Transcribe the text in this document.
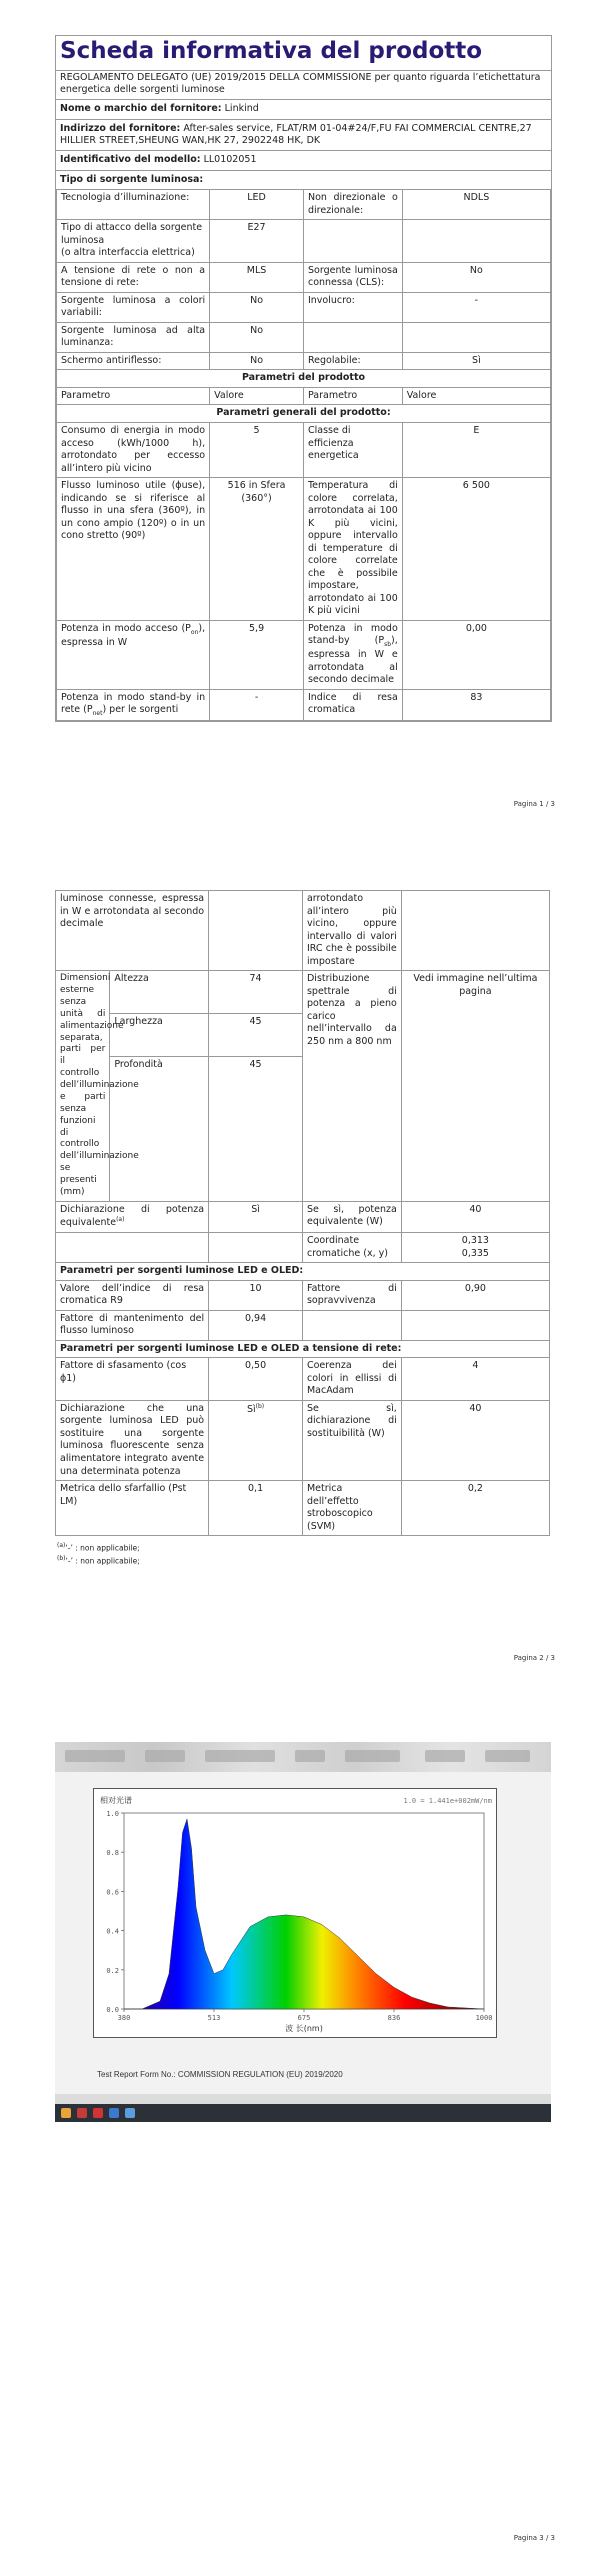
Scheda informativa del prodotto
REGOLAMENTO DELEGATO (UE) 2019/2015 DELLA COMMISSIONE per quanto riguarda l’etichettatura energetica delle sorgenti luminose
Nome o marchio del fornitore: Linkind
Indirizzo del fornitore: After-sales service, FLAT/RM 01-04#24/F,FU FAI COMMERCIAL CENTRE,27 HILLIER STREET,SHEUNG WAN,HK 27, 2902248 HK, DK
Identificativo del modello: LL0102051
Tipo di sorgente luminosa:
Tecnologia d’illuminazione:	LED	Non direzionale o direzionale:	NDLS
Tipo di attacco della sorgente luminosa
(o altra interfaccia elettrica)	E27		
A tensione di rete o non a tensione di rete:	MLS	Sorgente luminosa connessa (CLS):	No
Sorgente luminosa a colori variabili:	No	Involucro:	-
Sorgente luminosa ad alta luminanza:	No		
Schermo antiriflesso:	No	Regolabile:	Sì
Parametri del prodotto			
Parametro	Valore	Parametro	Valore
Parametri generali del prodotto:			
Consumo di energia in modo acceso (kWh/1000 h), arrotondato per eccesso all’intero più vicino	5	Classe di efficienza energetica	E
Flusso luminoso utile (ɸuse), indicando se si riferisce al flusso in una sfera (360º), in un cono ampio (120º) o in un cono stretto (90º)	516 in Sfera (360°)	Temperatura di colore correlata, arrotondata ai 100 K più vicini, oppure intervallo di temperature di colore correlate che è possibile impostare, arrotondato ai 100 K più vicini	6 500
Potenza in modo acceso $(P_{on})$, espressa in W	5,9	Potenza in modo stand-by $(P_{sb})$, espressa in W e arrotondata al secondo decimale	0,00
Potenza in modo stand-by in rete $(P_{net})$ per le sorgenti	-	Indice di resa cromatica	83
Pagina 1 / 3
luminose connesse, espressa in W e arrotondata al secondo decimale			arrotondato all’intero più vicino, oppure intervallo di valori IRC che è possibile impostare	
Dimensioni esterne senza unità di alimentazione separata, parti per il controllo dell’illuminazione e parti senza funzioni di controllo dell’illuminazione se presenti (mm)	Altezza	74	Distribuzione spettrale di potenza a pieno carico nell’intervallo da 250 nm a 800 nm	Vedi immagine nell’ultima pagina
	Larghezza	45		
	Profondità	45		
Dichiarazione di potenza equivalente$^{(a)}$		Sì	Se sì, potenza equivalente (W)	40
			Coordinate cromatiche (x, y)	0,313
0,335
Parametri per sorgenti luminose LED e OLED:				
Valore dell’indice di resa cromatica R9		10	Fattore di sopravvivenza	0,90
Fattore di mantenimento del flusso luminoso		0,94		
Parametri per sorgenti luminose LED e OLED a tensione di rete:				
Fattore di sfasamento (cos ϕ1)		0,50	Coerenza dei colori in ellissi di MacAdam	4
Dichiarazione che una sorgente luminosa LED può sostituire una sorgente luminosa fluorescente senza alimentatore integrato avente una determinata potenza		$Sì^{(b)}$	Se sì, dichiarazione di sostituibilità (W)	40
Metrica dello sfarfallio (Pst LM)		0,1	Metrica dell’effetto stroboscopico (SVM)	0,2
$^{(a)}$‘-’ : non applicabile;
$^{(b)}$‘-’ : non applicabile;
Pagina 2 / 3
0.0
0.2
0.4
0.6
0.8
1.0
380	513	675	836	1000
相对光谱	1.0 = 1.441e+002mW/nm
波 长(nm)
Test Report Form No.: COMMISSION REGULATION (EU) 2019/2020
Pagina 3 / 3
